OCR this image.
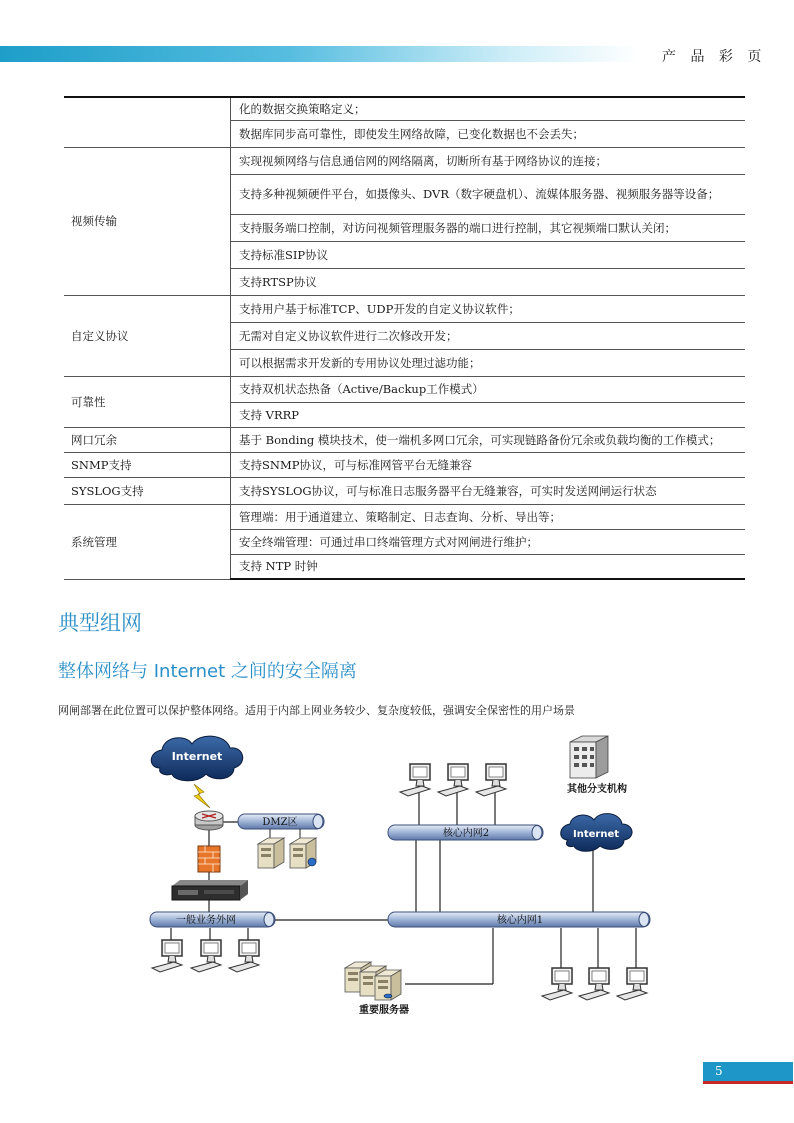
产 品 彩 页
	化的数据交换策略定义；
	数据库同步高可靠性，即使发生网络故障，已变化数据也不会丢失；
视频传输	实现视频网络与信息通信网的网络隔离，切断所有基于网络协议的连接；
	支持多种视频硬件平台，如摄像头、DVR（数字硬盘机）、流媒体服务器、视频服务器等设备；
	支持服务端口控制，对访问视频管理服务器的端口进行控制，其它视频端口默认关闭；
	支持标准SIP协议
	支持RTSP协议
自定义协议	支持用户基于标准TCP、UDP开发的自定义协议软件；
	无需对自定义协议软件进行二次修改开发；
	可以根据需求开发新的专用协议处理过滤功能；
可靠性	支持双机状态热备（Active/Backup工作模式）
	支持 VRRP
网口冗余	基于 Bonding 模块技术，使一端机多网口冗余，可实现链路备份冗余或负载均衡的工作模式；
SNMP支持	支持SNMP协议，可与标准网管平台无缝兼容
SYSLOG支持	支持SYSLOG协议，可与标准日志服务器平台无缝兼容，可实时发送网闸运行状态
系统管理	管理端：用于通道建立、策略制定、日志查询、分析、导出等；
	安全终端管理：可通过串口终端管理方式对网闸进行维护；
	支持 NTP 时钟
典型组网
整体网络与 Internet 之间的安全隔离
网闸部署在此位置可以保护整体网络。适用于内部上网业务较少、复杂度较低，强调安全保密性的用户场景
Internet
DMZ区
一般业务外网
核心内网2
其他分支机构
Internet
核心内网1
重要服务器
5
